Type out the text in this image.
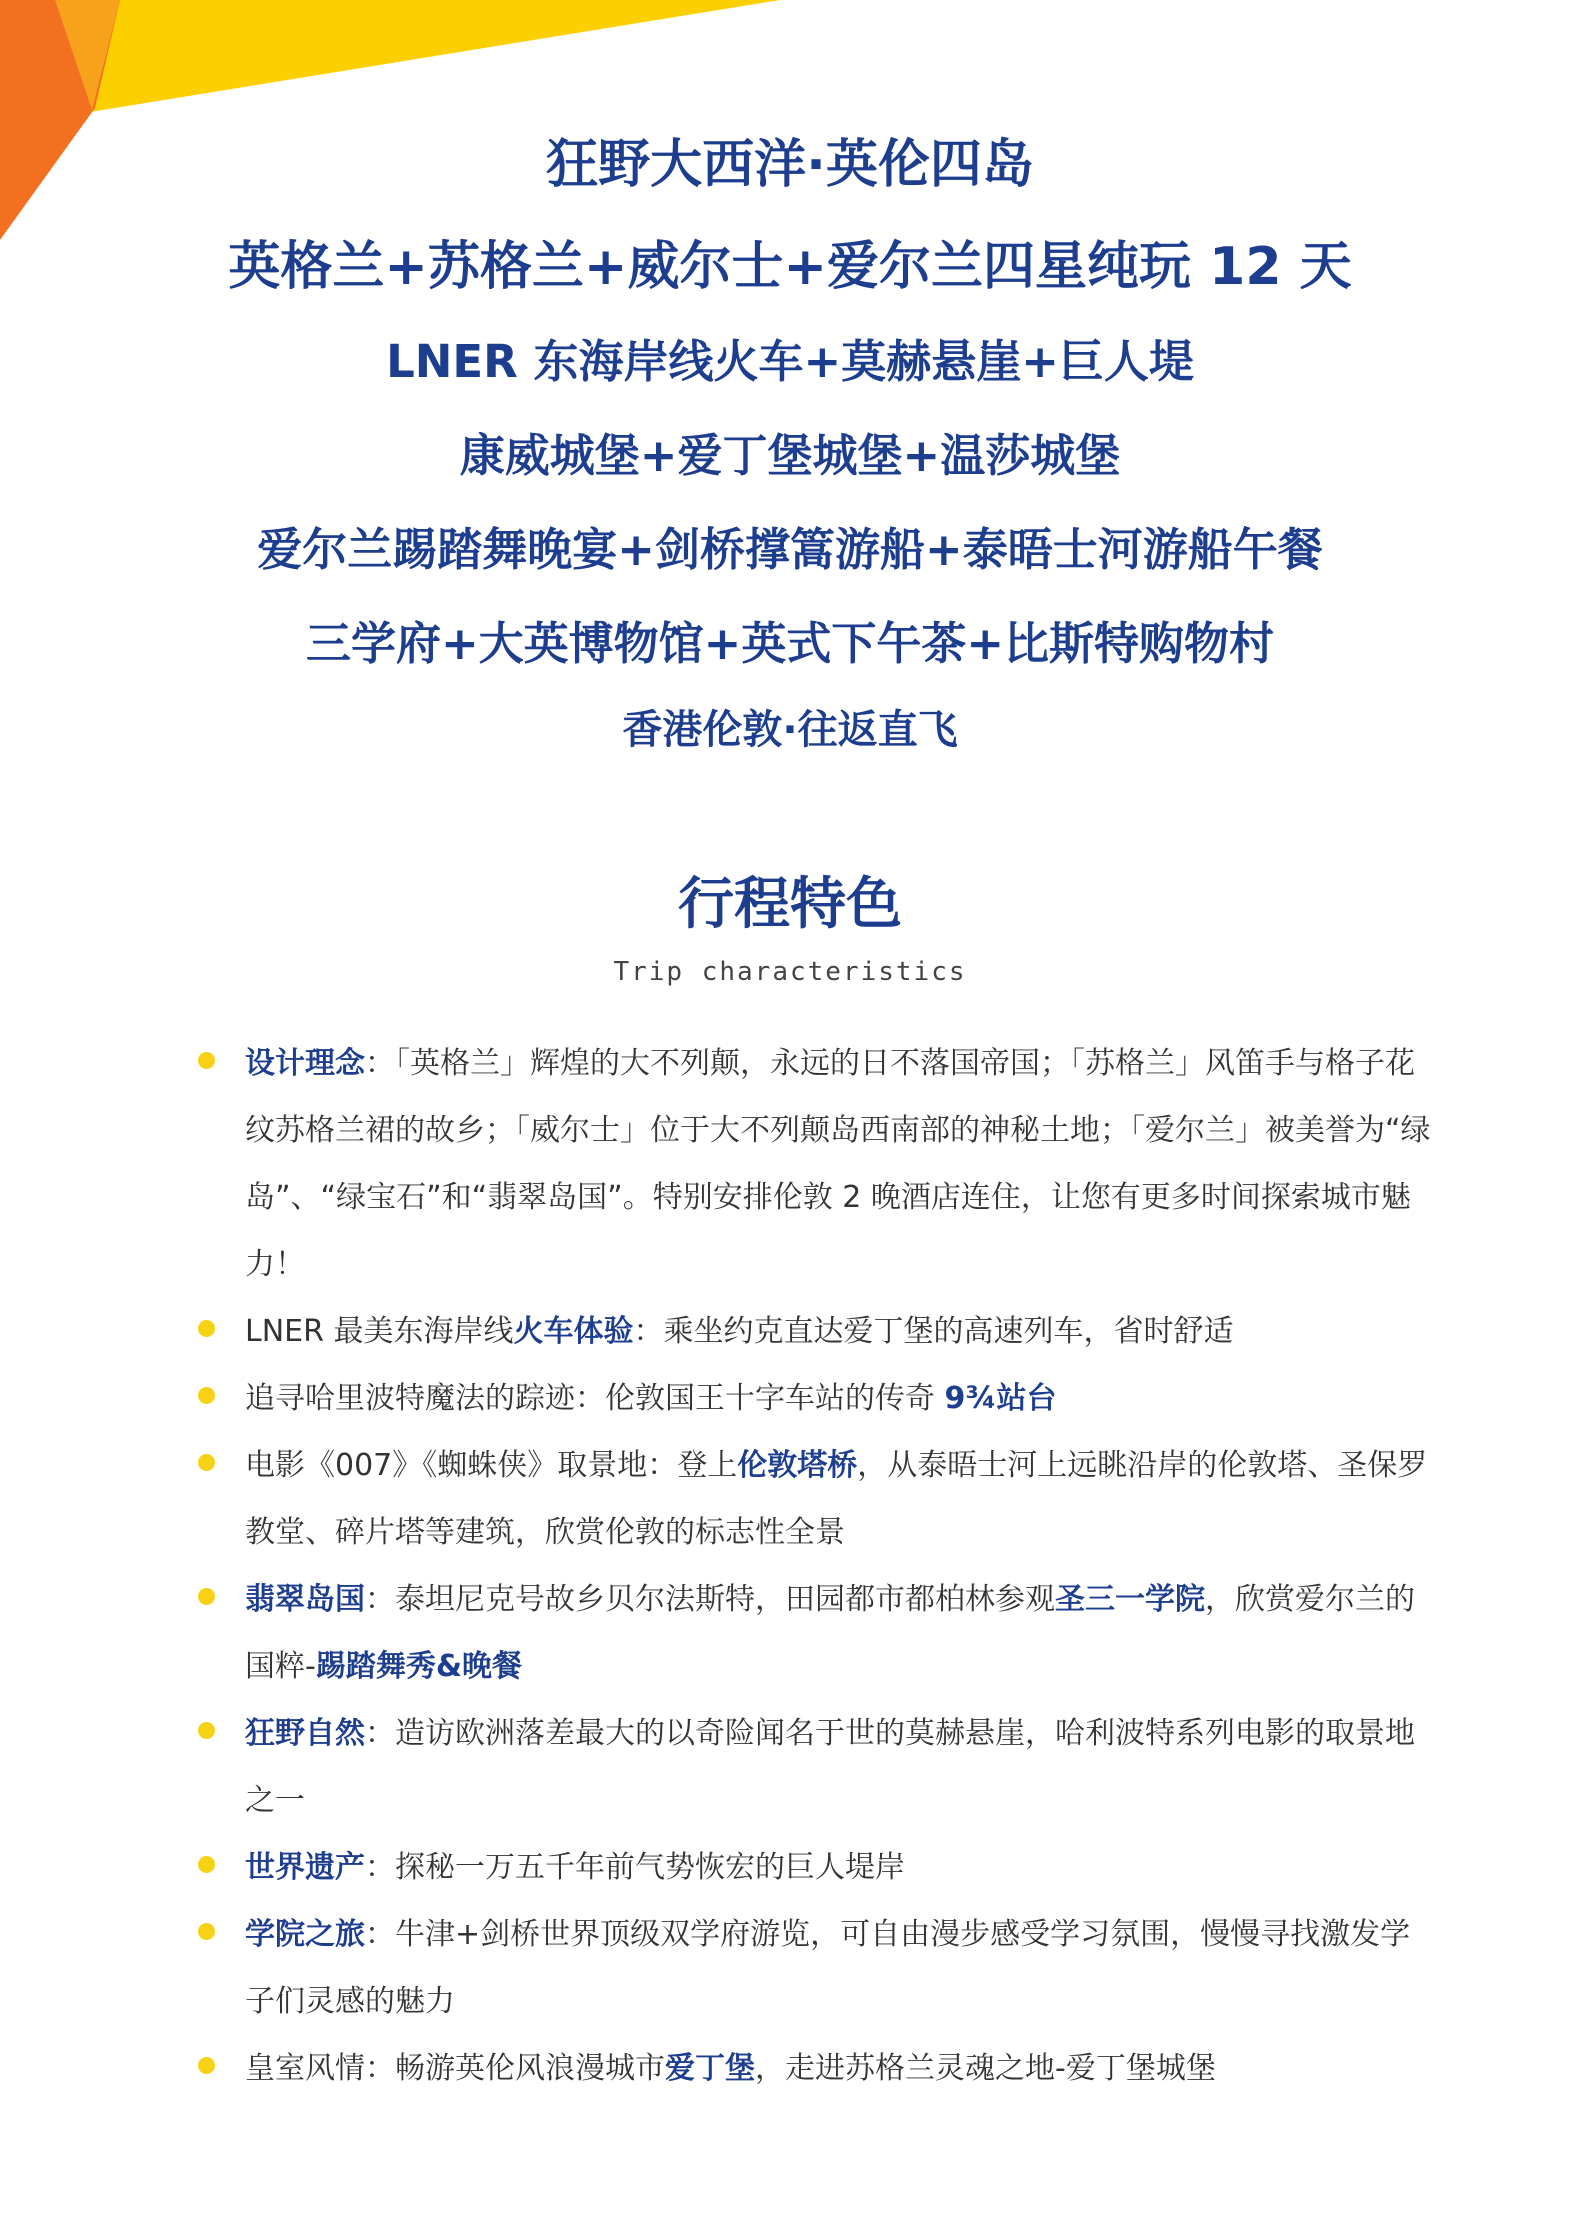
狂野大西洋·英伦四岛
英格兰+苏格兰+威尔士+爱尔兰四星纯玩 12 天
LNER 东海岸线火车+莫赫悬崖+巨人堤
康威城堡+爱丁堡城堡+温莎城堡
爱尔兰踢踏舞晚宴+剑桥撑篙游船+泰晤士河游船午餐
三学府+大英博物馆+英式下午茶+比斯特购物村
香港伦敦·往返直飞
行程特色
Trip characteristics

设计理念：「英格兰」辉煌的大不列颠，永远的日不落国帝国；「苏格兰」风笛手与格子花纹苏格兰裙的故乡；「威尔士」位于大不列颠岛西南部的神秘土地；「爱尔兰」被美誉为“绿岛”、“绿宝石”和“翡翠岛国”。特别安排伦敦 2 晚酒店连住，让您有更多时间探索城市魅力！

LNER 最美东海岸线火车体验：乘坐约克直达爱丁堡的高速列车，省时舒适

追寻哈里波特魔法的踪迹：伦敦国王十字车站的传奇 9¾站台

电影《007》《蜘蛛侠》取景地：登上伦敦塔桥，从泰晤士河上远眺沿岸的伦敦塔、圣保罗教堂、碎片塔等建筑，欣赏伦敦的标志性全景

翡翠岛国：泰坦尼克号故乡贝尔法斯特，田园都市都柏林参观圣三一学院，欣赏爱尔兰的国粹-踢踏舞秀&晚餐

狂野自然：造访欧洲落差最大的以奇险闻名于世的莫赫悬崖，哈利波特系列电影的取景地之一

世界遗产：探秘一万五千年前气势恢宏的巨人堤岸

学院之旅：牛津+剑桥世界顶级双学府游览，可自由漫步感受学习氛围，慢慢寻找激发学子们灵感的魅力

皇室风情：畅游英伦风浪漫城市爱丁堡，走进苏格兰灵魂之地-爱丁堡城堡
